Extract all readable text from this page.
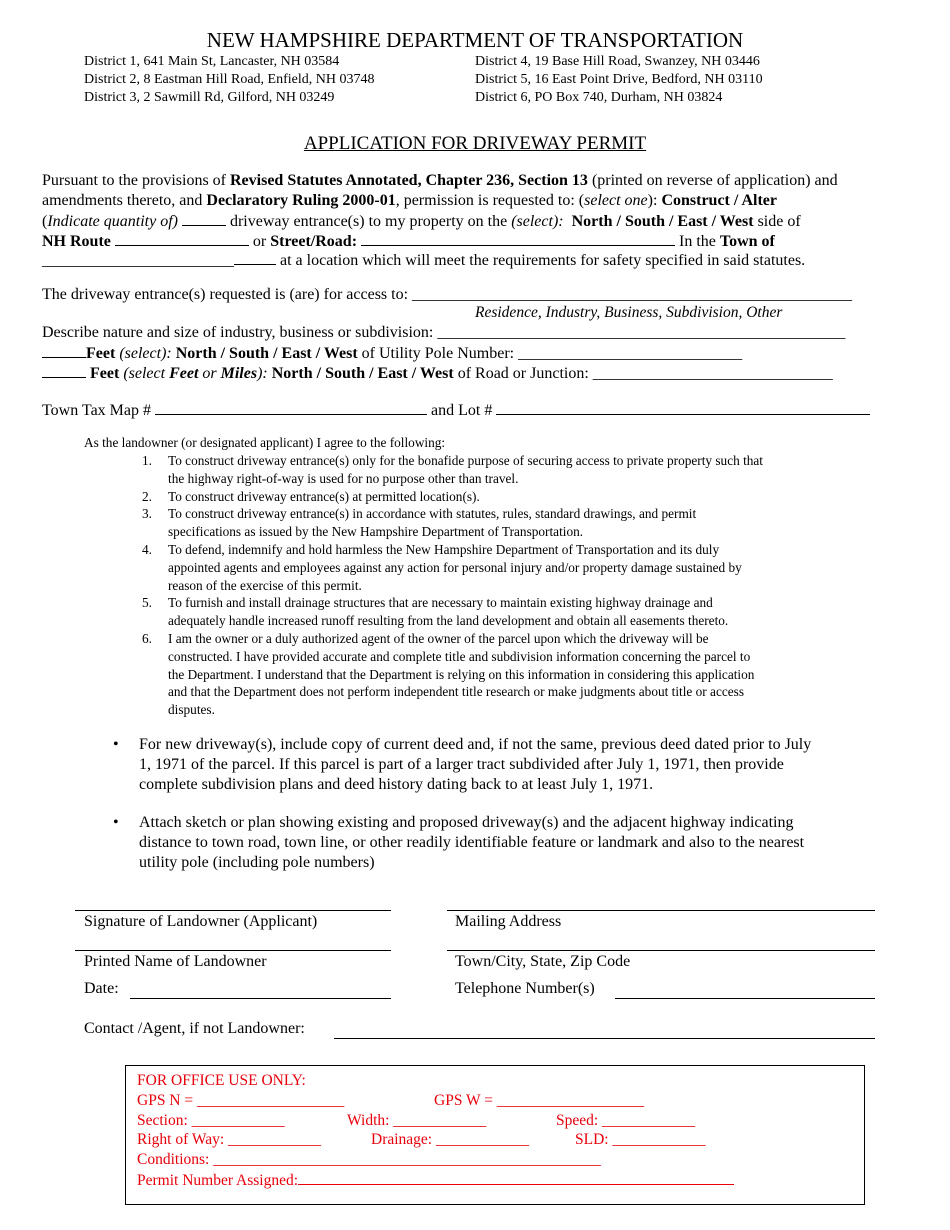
NEW HAMPSHIRE DEPARTMENT OF TRANSPORTATION
District 1, 641 Main St, Lancaster, NH 03584
District 2, 8 Eastman Hill Road, Enfield, NH 03748
District 3, 2 Sawmill Rd, Gilford, NH 03249
District 4, 19 Base Hill Road, Swanzey, NH 03446
District 5, 16 East Point Drive, Bedford, NH 03110
District 6, PO Box 740, Durham, NH 03824
APPLICATION FOR DRIVEWAY PERMIT
Pursuant to the provisions of Revised Statutes Annotated, Chapter 236, Section 13 (printed on reverse of application) and
amendments thereto, and Declaratory Ruling 2000-01, permission is requested to: (select one): Construct / Alter
(Indicate quantity of)	driveway entrance(s) to my property on the (select): North / South / East / West side of
NH Route	or Street/Road:	In the Town of
________________________	at a location which will meet the requirements for safety specified in said statutes.
The driveway entrance(s) requested is (are) for access to: _______________________________________________________
Residence, Industry, Business, Subdivision, Other
Describe nature and size of industry, business or subdivision: ___________________________________________________
Feet (select): North / South / East / West of Utility Pole Number: ____________________________
Feet (select Feet or Miles): North / South / East / West of Road or Junction: ______________________________
Town Tax Map #	and Lot #
As the landowner (or designated applicant) I agree to the following:
1 . To construct driveway entrance(s) only for the bonafide purpose of securing access to private property such that
the highway right-of-way is used for no purpose other than travel.
2 . To construct driveway entrance(s) at permitted location(s).
3 . To construct driveway entrance(s) in accordance with statutes, rules, standard drawings, and permit
specifications as issued by the New Hampshire Department of Transportation.
4 . To defend, indemnify and hold harmless the New Hampshire Department of Transportation and its duly
appointed agents and employees against any action for personal injury and/or property damage sustained by
reason of the exercise of this permit.
5 . To furnish and install drainage structures that are necessary to maintain existing highway drainage and
adequately handle increased runoff resulting from the land development and obtain all easements thereto.
6 . I am the owner or a duly authorized agent of the owner of the parcel upon which the driveway will be
constructed. I have provided accurate and complete title and subdivision information concerning the parcel to
the Department. I understand that the Department is relying on this information in considering this application
and that the Department does not perform independent title research or make judgments about title or access
disputes.
• For new driveway(s), include copy of current deed and, if not the same, previous deed dated prior to July
1, 1971 of the parcel. If this parcel is part of a larger tract subdivided after July 1, 1971, then provide
complete subdivision plans and deed history dating back to at least July 1, 1971.
• Attach sketch or plan showing existing and proposed driveway(s) and the adjacent highway indicating
distance to town road, town line, or other readily identifiable feature or landmark and also to the nearest
utility pole (including pole numbers)
Signature of Landowner (Applicant)	Mailing Address
Printed Name of Landowner	Town/City, State, Zip Code
Date:	Telephone Number(s)
Contact /Agent, if not Landowner:
FOR OFFICE USE ONLY:
GPS N = ___________________	GPS W = ___________________
Section: ____________	Width: ____________	Speed: ____________
Right of Way: ____________	Drainage: ____________	SLD: ____________
Conditions: __________________________________________________
Permit Number Assigned:
